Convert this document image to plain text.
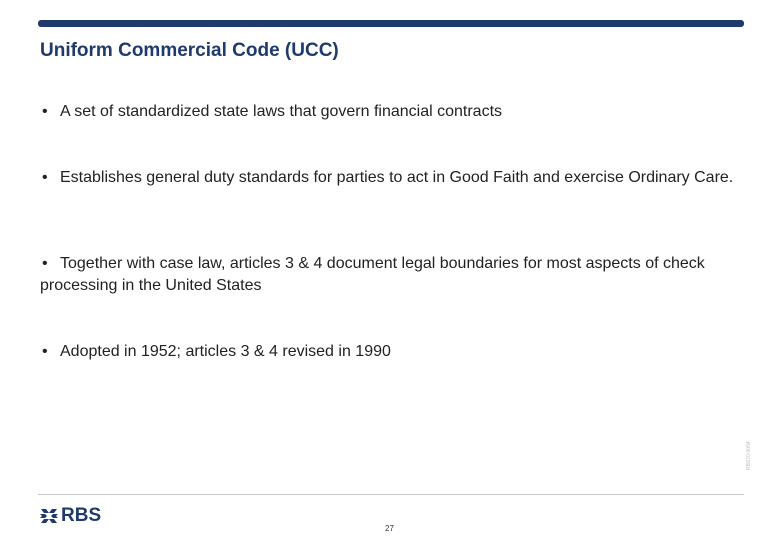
Uniform Commercial Code (UCC)
• A set of standardized state laws that govern financial contracts
• Establishes general duty standards for parties to act in Good Faith and exercise Ordinary Care.
• Together with case law, articles 3 & 4 document legal boundaries for most aspects of check processing in the United States
• Adopted in 1952; articles 3 & 4 revised in 1990
RBS70-0054
RBS
27
